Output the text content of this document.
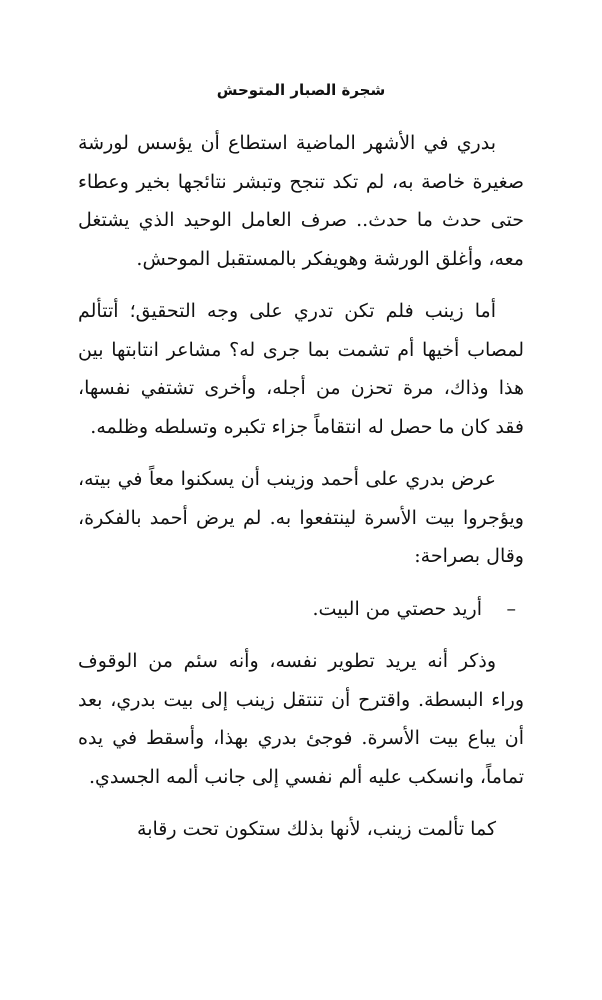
شجرة الصبار المتوحش

بدري في الأشهر الماضية استطاع أن يؤسس لورشة صغيرة خاصة به، لم تكد تنجح وتبشر نتائجها بخير وعطاء حتى حدث ما حدث.. صرف العامل الوحيد الذي يشتغل معه، وأغلق الورشة وهويفكر بالمستقبل الموحش.

أما زينب فلم تكن تدري على وجه التحقيق؛ أتتألم لمصاب أخيها أم تشمت بما جرى له؟ مشاعر انتابتها بين هذا وذاك، مرة تحزن من أجله، وأخرى تشتفي نفسها، فقد كان ما حصل له انتقاماً جزاء تكبره وتسلطه وظلمه.

عرض بدري على أحمد وزينب أن يسكنوا معاً في بيته، ويؤجروا بيت الأسرة لينتفعوا به. لم يرض أحمد بالفكرة، وقال بصراحة:

–أريد حصتي من البيت.

وذكر أنه يريد تطوير نفسه، وأنه سئم من الوقوف وراء البسطة. واقترح أن تنتقل زينب إلى بيت بدري، بعد أن يباع بيت الأسرة. فوجئ بدري بهذا، وأسقط في يده تماماً، وانسكب عليه ألم نفسي إلى جانب ألمه الجسدي.

كما تألمت زينب، لأنها بذلك ستكون تحت رقابة
